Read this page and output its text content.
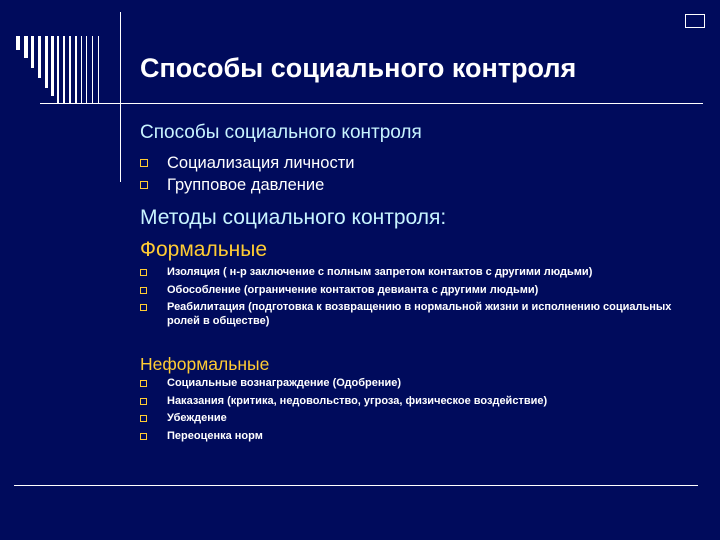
Способы социального контроля
Способы социального контроля
Социализация личности
Групповое давление
Методы социального контроля:
Формальные
Изоляция ( н-р заключение с полным запретом контактов с другими людьми)
Обособление (ограничение контактов девианта с другими людьми)
Реабилитация (подготовка к возвращению в нормальной жизни и исполнению социальных ролей в обществе)
Неформальные
Социальные вознаграждение (Одобрение)
Наказания (критика, недовольство, угроза, физическое воздействие)
Убеждение
Переоценка норм
